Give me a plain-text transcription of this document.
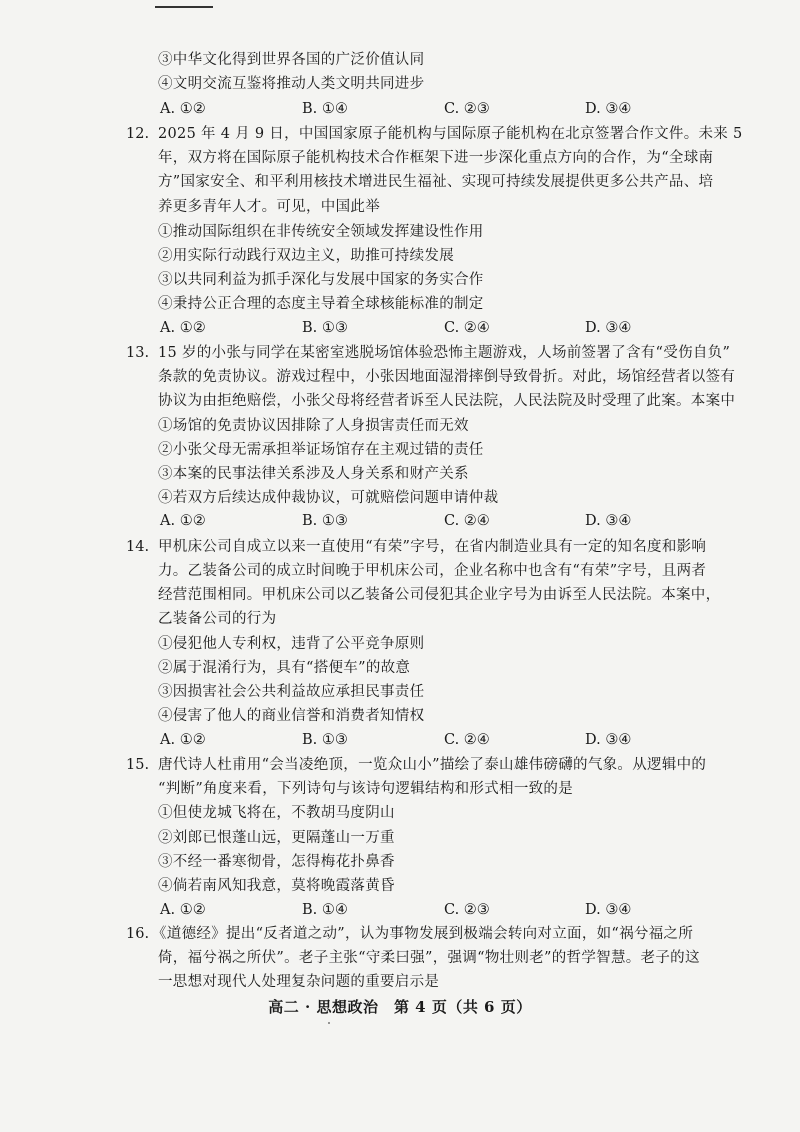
③中华文化得到世界各国的广泛价值认同
④文明交流互鉴将推动人类文明共同进步
A. ①②	B. ①④	C. ②③	D. ③④
12. 2025 年 4 月 9 日，中国国家原子能机构与国际原子能机构在北京签署合作文件。未来 5
年，双方将在国际原子能机构技术合作框架下进一步深化重点方向的合作，为“全球南
方”国家安全、和平利用核技术增进民生福祉、实现可持续发展提供更多公共产品、培
养更多青年人才。可见，中国此举
①推动国际组织在非传统安全领域发挥建设性作用
②用实际行动践行双边主义，助推可持续发展
③以共同利益为抓手深化与发展中国家的务实合作
④秉持公正合理的态度主导着全球核能标准的制定
A. ①②	B. ①③	C. ②④	D. ③④
13. 15 岁的小张与同学在某密室逃脱场馆体验恐怖主题游戏，人场前签署了含有“受伤自负”
条款的免责协议。游戏过程中，小张因地面湿滑摔倒导致骨折。对此，场馆经营者以签有
协议为由拒绝赔偿，小张父母将经营者诉至人民法院，人民法院及时受理了此案。本案中
①场馆的免责协议因排除了人身损害责任而无效
②小张父母无需承担举证场馆存在主观过错的责任
③本案的民事法律关系涉及人身关系和财产关系
④若双方后续达成仲裁协议，可就赔偿问题申请仲裁
A. ①②	B. ①③	C. ②④	D. ③④
14. 甲机床公司自成立以来一直使用“有荣”字号，在省内制造业具有一定的知名度和影响
力。乙装备公司的成立时间晚于甲机床公司，企业名称中也含有“有荣”字号，且两者
经营范围相同。甲机床公司以乙装备公司侵犯其企业字号为由诉至人民法院。本案中，
乙装备公司的行为
①侵犯他人专利权，违背了公平竞争原则
②属于混淆行为，具有“搭便车”的故意
③因损害社会公共利益故应承担民事责任
④侵害了他人的商业信誉和消费者知情权
A. ①②	B. ①③	C. ②④	D. ③④
15. 唐代诗人杜甫用“会当凌绝顶，一览众山小”描绘了泰山雄伟磅礴的气象。从逻辑中的
“判断”角度来看，下列诗句与该诗句逻辑结构和形式相一致的是
①但使龙城飞将在，不教胡马度阴山
②刘郎已恨蓬山远，更隔蓬山一万重
③不经一番寒彻骨，怎得梅花扑鼻香
④倘若南风知我意，莫将晚霞落黄昏
A. ①②	B. ①④	C. ②③	D. ③④
16. 《道德经》提出“反者道之动”，认为事物发展到极端会转向对立面，如“祸兮福之所
倚，福兮祸之所伏”。老子主张“守柔曰强”，强调“物壮则老”的哲学智慧。老子的这
一思想对现代人处理复杂问题的重要启示是
高二 · 思想政治　第 4 页（共 6 页）
